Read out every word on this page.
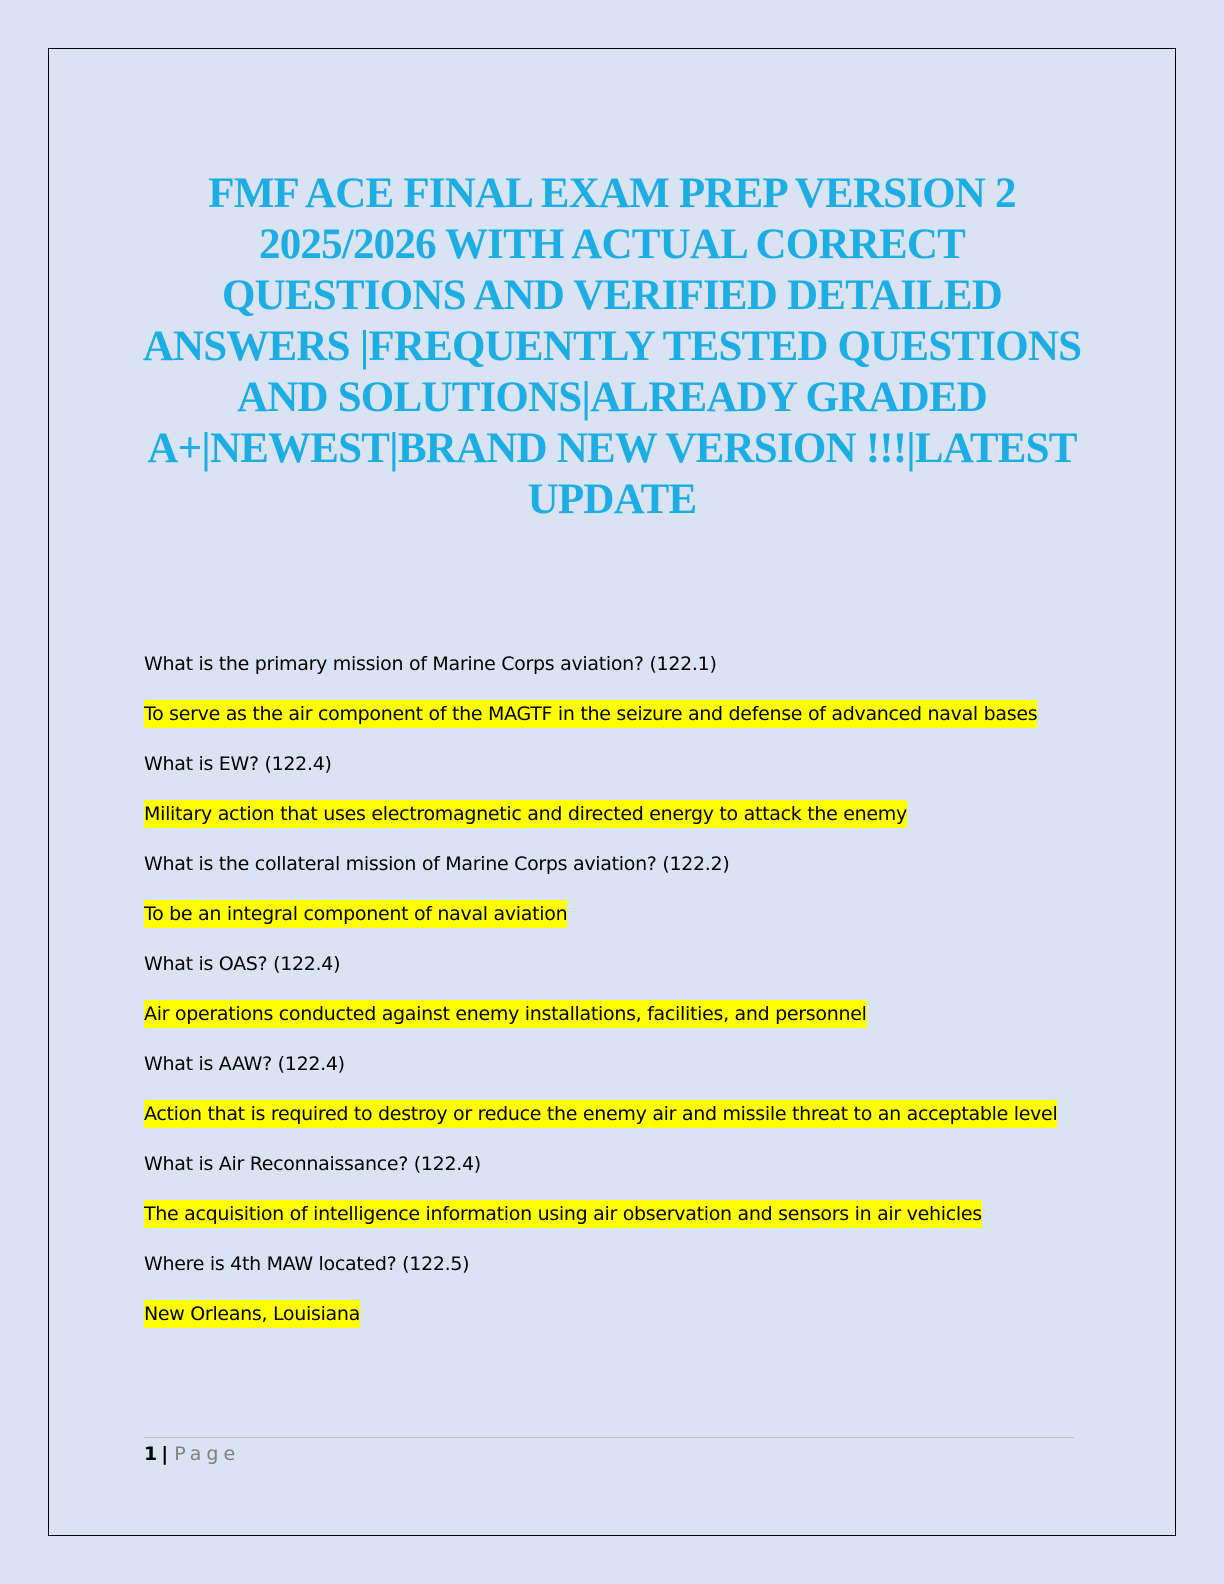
FMF ACE FINAL EXAM PREP VERSION 2 2025/2026 WITH ACTUAL CORRECT QUESTIONS AND VERIFIED DETAILED ANSWERS |FREQUENTLY TESTED QUESTIONS AND SOLUTIONS|ALREADY GRADED A+|NEWEST|BRAND NEW VERSION !!!|LATEST UPDATE

What is the primary mission of Marine Corps aviation? (122.1)

To serve as the air component of the MAGTF in the seizure and defense of advanced naval bases

What is EW? (122.4)

Military action that uses electromagnetic and directed energy to attack the enemy

What is the collateral mission of Marine Corps aviation? (122.2)

To be an integral component of naval aviation

What is OAS? (122.4)

Air operations conducted against enemy installations, facilities, and personnel

What is AAW? (122.4)

Action that is required to destroy or reduce the enemy air and missile threat to an acceptable level

What is Air Reconnaissance? (122.4)

The acquisition of intelligence information using air observation and sensors in air vehicles

Where is 4th MAW located? (122.5)

New Orleans, Louisiana

1 | Page
